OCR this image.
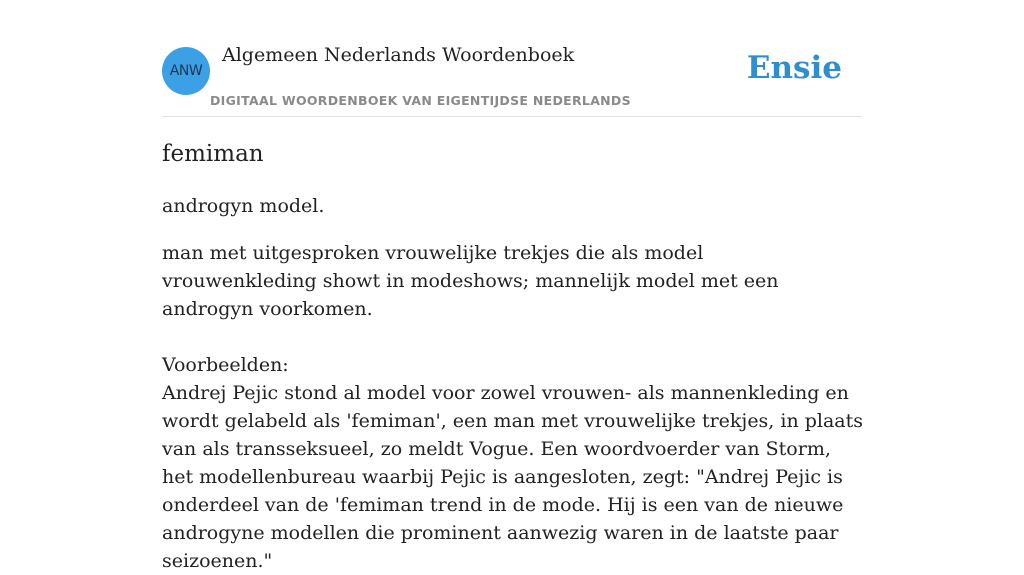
ANW
Algemeen Nederlands Woordenboek
DIGITAAL WOORDENBOEK VAN EIGENTIJDSE NEDERLANDS
Ensie
femiman

androgyn model.

man met uitgesproken vrouwelijke trekjes die als model vrouwenkleding showt in modeshows; mannelijk model met een androgyn voorkomen.

Voorbeelden:

Andrej Pejic stond al model voor zowel vrouwen- als mannenkleding en wordt gelabeld als 'femiman', een man met vrouwelijke trekjes, in plaats van als transseksueel, zo meldt Vogue. Een woordvoerder van Storm, het modellenbureau waarbij Pejic is aangesloten, zegt: "Andrej Pejic is onderdeel van de 'femiman trend in de mode. Hij is een van de nieuwe androgyne modellen die prominent aanwezig waren in de laatste paar seizoenen."
